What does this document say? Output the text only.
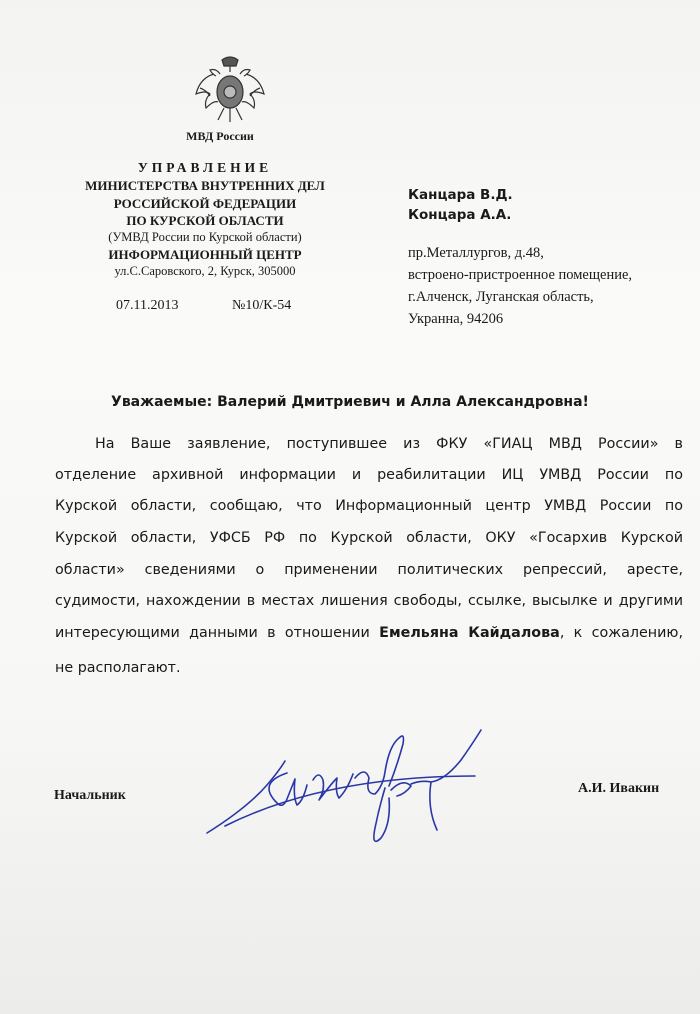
МВД России
УПРАВЛЕНИЕ
МИНИСТЕРСТВА ВНУТРЕННИХ ДЕЛ
РОССИЙСКОЙ ФЕДЕРАЦИИ
ПО КУРСКОЙ ОБЛАСТИ
(УМВД России по Курской области)
ИНФОРМАЦИОННЫЙ ЦЕНТР
ул.С.Саровского, 2, Курск, 305000
07.11.2013	№10/К-54
Канцара В.Д.
Концара А.А.
пр.Металлургов, д.48,
встроено-пристроенное помещение,
г.Алченск, Луганская область,
Укранна, 94206
Уважаемые: Валерий Дмитриевич и Алла Александровна!
На Ваше заявление, поступившее из ФКУ «ГИАЦ МВД России» в
отделение архивной информации и реабилитации ИЦ УМВД России по
Курской области, сообщаю, что Информационный центр УМВД России по
Курской области, УФСБ РФ по Курской области, ОКУ «Госархив Курской
области» сведениями о применении политических репрессий, аресте,
судимости, нахождении в местах лишения свободы, ссылке, высылке и другими
интересующими данными в отношении Емельяна Кайдалова, к сожалению,
не располагают.
Начальник	А.И. Ивакин
